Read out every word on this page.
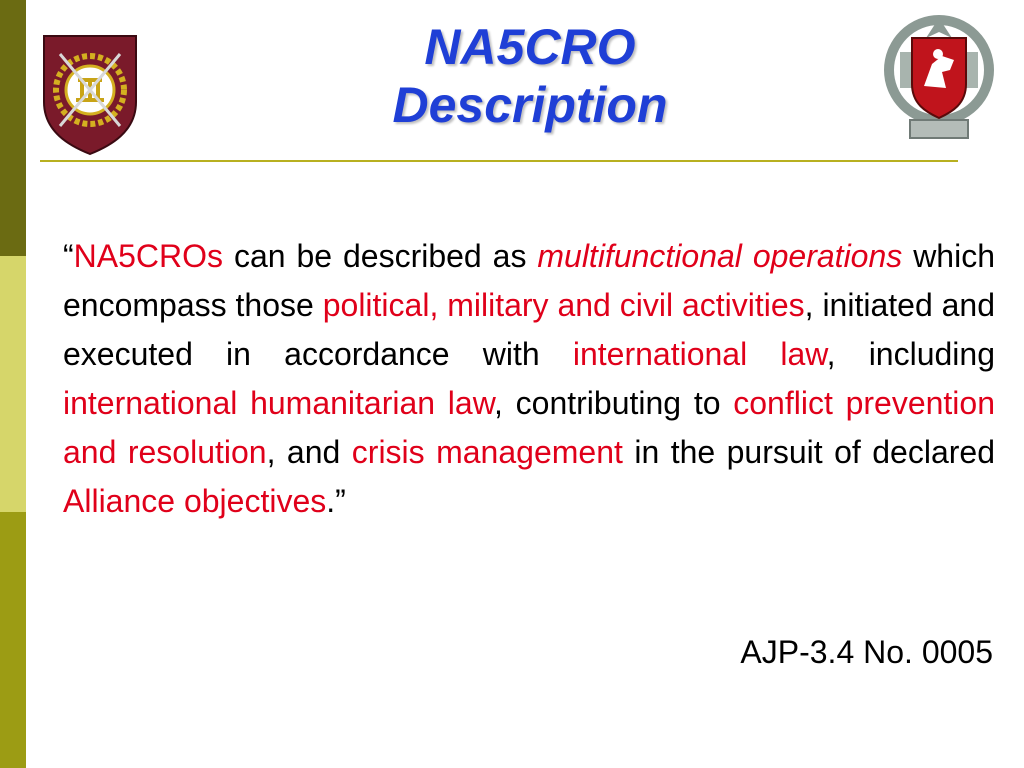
NA5CRO
Description
“NA5CROs can be described as multifunctional operations which encompass those political, military and civil activities, initiated and executed in accordance with international law, including international humanitarian law, contributing to conflict prevention and resolution, and crisis management in the pursuit of declared Alliance objectives.”
AJP-3.4 No. 0005
